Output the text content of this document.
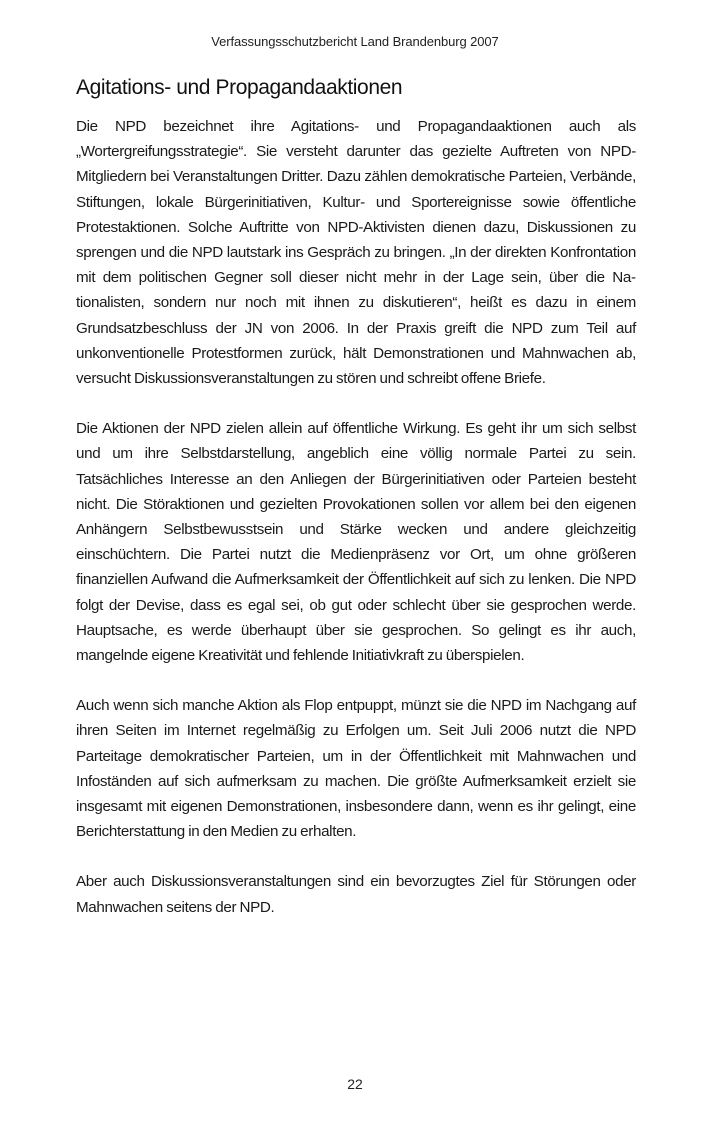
Verfassungsschutzbericht Land Brandenburg 2007
Agitations- und Propagandaaktionen

Die NPD bezeichnet ihre Agitations- und Propagandaaktionen auch als „Wortergreifungsstrategie“. Sie versteht darunter das gezielte Auftreten von NPD-Mitgliedern bei Veranstaltungen Dritter. Dazu zählen demokratische Parteien, Verbände, Stiftungen, lokale Bürgerinitiativen, Kultur- und Sportereignisse sowie öffentliche Protestaktionen. Solche Auftritte von NPD-Aktivisten dienen dazu, Diskussionen zu sprengen und die NPD lautstark ins Gespräch zu bringen. „In der direkten Konfrontation mit dem politischen Gegner soll dieser nicht mehr in der Lage sein, über die Nationalisten, sondern nur noch mit ihnen zu diskutieren“, heißt es dazu in einem Grundsatzbeschluss der JN von 2006. In der Praxis greift die NPD zum Teil auf unkonventionelle Protestformen zurück, hält Demonstrationen und Mahnwachen ab, versucht Diskussionsveranstaltungen zu stören und schreibt offene Briefe.

Die Aktionen der NPD zielen allein auf öffentliche Wirkung. Es geht ihr um sich selbst und um ihre Selbstdarstellung, angeblich eine völlig normale Partei zu sein. Tatsächliches Interesse an den Anliegen der Bürgerinitiativen oder Parteien besteht nicht. Die Störaktionen und gezielten Provokationen sollen vor allem bei den eigenen Anhängern Selbstbewusstsein und Stärke wecken und andere gleichzeitig einschüchtern. Die Partei nutzt die Medienpräsenz vor Ort, um ohne größeren finanziellen Aufwand die Aufmerksamkeit der Öffentlichkeit auf sich zu lenken. Die NPD folgt der Devise, dass es egal sei, ob gut oder schlecht über sie gesprochen werde. Hauptsache, es werde überhaupt über sie gesprochen. So gelingt es ihr auch, mangelnde eigene Kreativität und fehlende Initiativkraft zu überspielen.

Auch wenn sich manche Aktion als Flop entpuppt, münzt sie die NPD im Nachgang auf ihren Seiten im Internet regelmäßig zu Erfolgen um. Seit Juli 2006 nutzt die NPD Parteitage demokratischer Parteien, um in der Öffentlichkeit mit Mahnwachen und Infoständen auf sich aufmerksam zu machen. Die größte Aufmerksamkeit erzielt sie insgesamt mit eigenen Demonstrationen, insbesondere dann, wenn es ihr gelingt, eine Berichterstattung in den Medien zu erhalten.

Aber auch Diskussionsveranstaltungen sind ein bevorzugtes Ziel für Störungen oder Mahnwachen seitens der NPD.

22
